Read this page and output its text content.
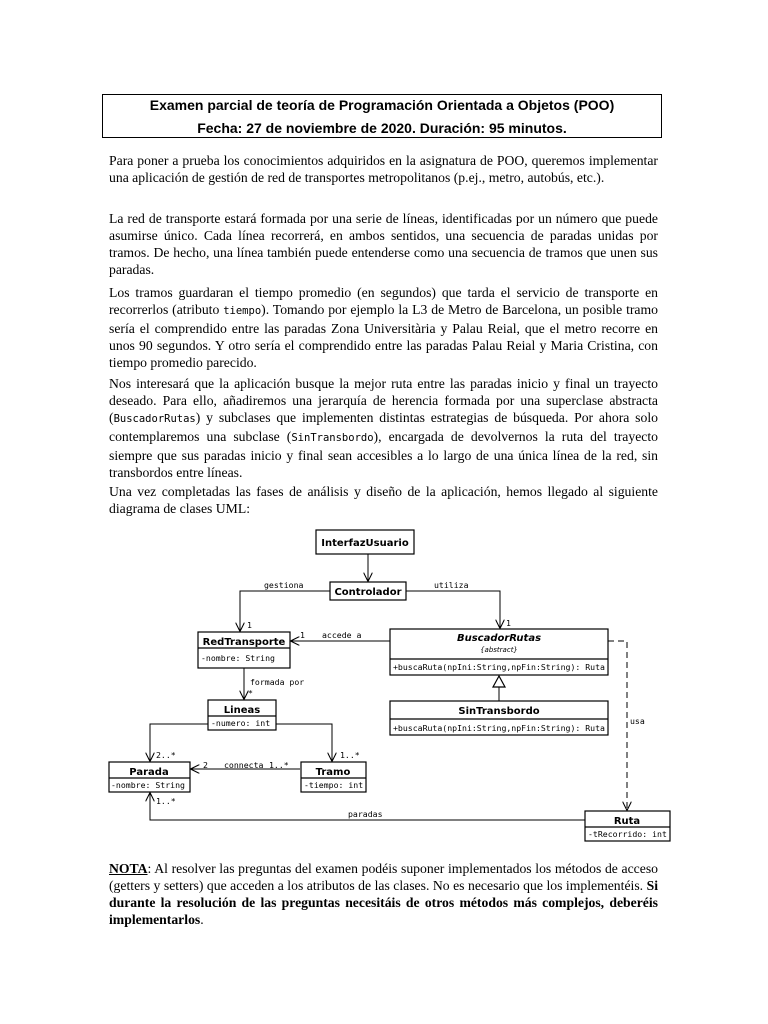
Examen parcial de teoría de Programación Orientada a Objetos (POO)
Fecha: 27 de noviembre de 2020. Duración: 95 minutos.

Para poner a prueba los conocimientos adquiridos en la asignatura de POO, queremos implementar una aplicación de gestión de red de transportes metropolitanos (p.ej., metro, autobús, etc.).

La red de transporte estará formada por una serie de líneas, identificadas por un número que puede asumirse único. Cada línea recorrerá, en ambos sentidos, una secuencia de paradas unidas por tramos. De hecho, una línea también puede entenderse como una secuencia de tramos que unen sus paradas.

Los tramos guardaran el tiempo promedio (en segundos) que tarda el servicio de transporte en recorrerlos (atributo tiempo). Tomando por ejemplo la L3 de Metro de Barcelona, un posible tramo sería el comprendido entre las paradas Zona Universitària y Palau Reial, que el metro recorre en unos 90 segundos. Y otro sería el comprendido entre las paradas Palau Reial y Maria Cristina, con tiempo promedio parecido.

Nos interesará que la aplicación busque la mejor ruta entre las paradas inicio y final un trayecto deseado. Para ello, añadiremos una jerarquía de herencia formada por una superclase abstracta (BuscadorRutas) y subclases que implementen distintas estrategias de búsqueda. Por ahora solo contemplaremos una subclase (SinTransbordo), encargada de devolvernos la ruta del trayecto siempre que sus paradas inicio y final sean accesibles a lo largo de una única línea de la red, sin transbordos entre líneas.

Una vez completadas las fases de análisis y diseño de la aplicación, hemos llegado al siguiente diagrama de clases UML:

InterfazUsuario
Controlador
RedTransporte
-nombre: String
BuscadorRutas
{abstract}
+buscaRuta(npIni:String,npFin:String): Ruta
SinTransbordo
+buscaRuta(npIni:String,npFin:String): Ruta
Lineas
-numero: int
Parada
-nombre: String
Tramo
-tiempo: int
Ruta
-tRecorrido: int
gestiona	utiliza
accede a
formada por
connecta
usa
paradas
1	1
1
*
2..*	1..*
2	1..*
1..*

NOTA: Al resolver las preguntas del examen podéis suponer implementados los métodos de acceso (getters y setters) que acceden a los atributos de las clases. No es necesario que los implementéis. Si durante la resolución de las preguntas necesitáis de otros métodos más complejos, deberéis implementarlos.
